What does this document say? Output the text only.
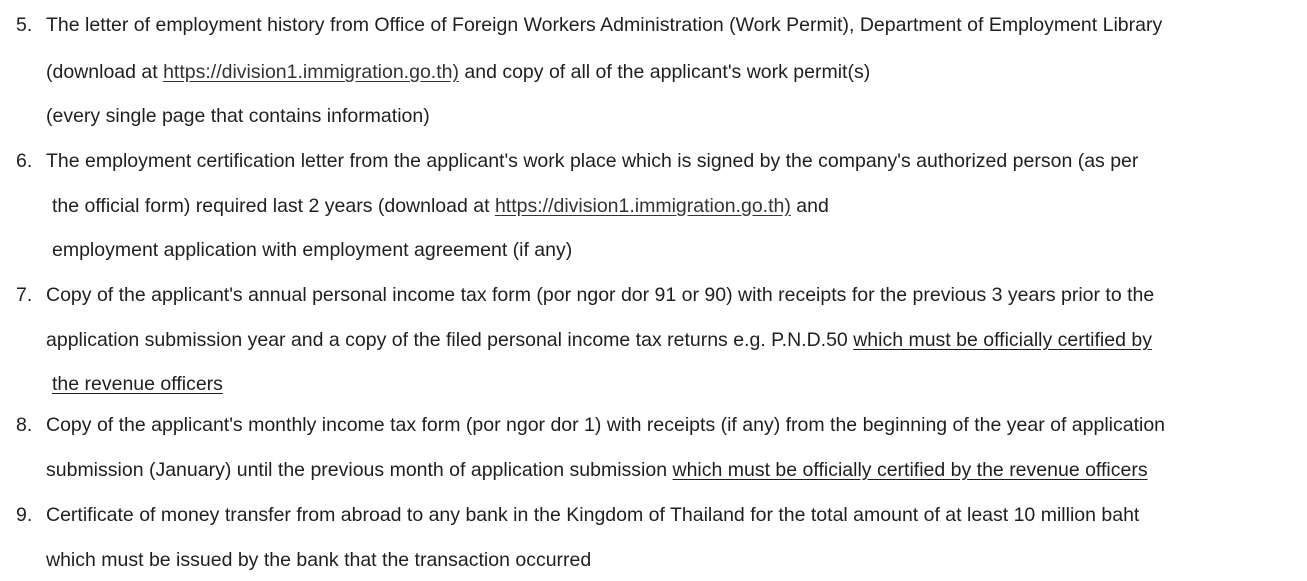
5. The letter of employment history from Office of Foreign Workers Administration (Work Permit), Department of Employment Library
(download at https://division1.immigration.go.th) and copy of all of the applicant's work permit(s)
(every single page that contains information)
6. The employment certification letter from the applicant's work place which is signed by the company's authorized person (as per
the official form) required last 2 years (download at https://division1.immigration.go.th) and
employment application with employment agreement (if any)
7. Copy of the applicant's annual personal income tax form (por ngor dor 91 or 90) with receipts for the previous 3 years prior to the
application submission year and a copy of the filed personal income tax returns e.g. P.N.D.50 which must be officially certified by
the revenue officers
8. Copy of the applicant's monthly income tax form (por ngor dor 1) with receipts (if any) from the beginning of the year of application
submission (January) until the previous month of application submission which must be officially certified by the revenue officers
9. Certificate of money transfer from abroad to any bank in the Kingdom of Thailand for the total amount of at least 10 million baht
which must be issued by the bank that the transaction occurred
